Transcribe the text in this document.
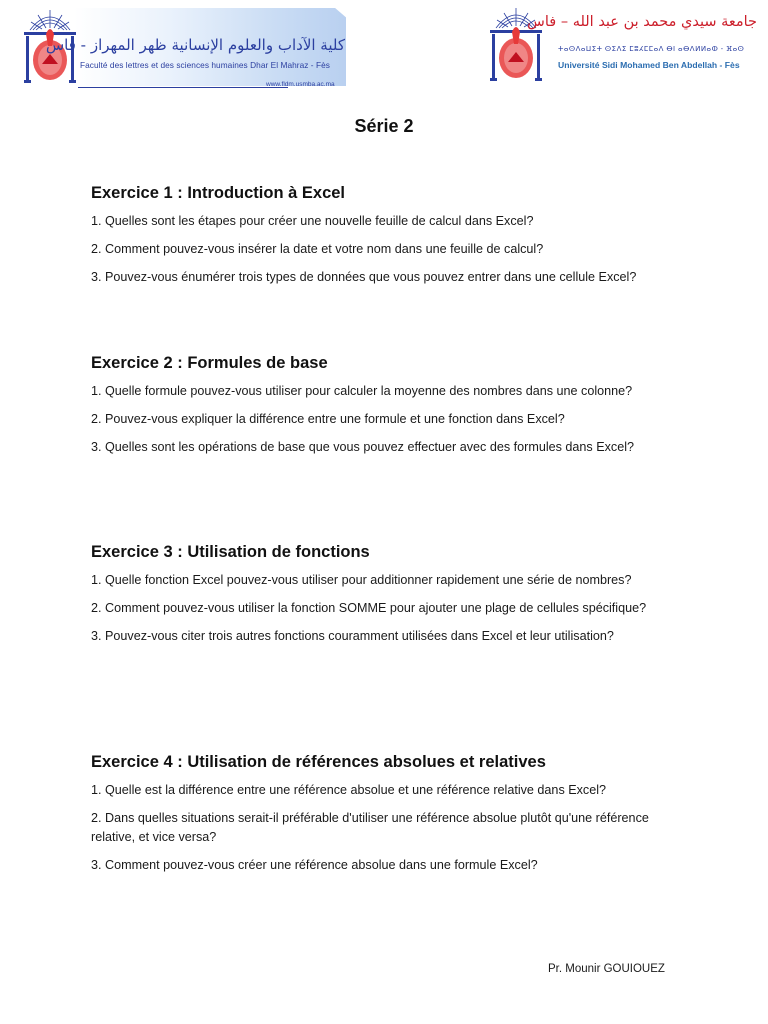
كلية الآداب والعلوم الإنسانية ظهر المهراز - فاس
Faculté des lettres et des sciences humaines Dhar El Mahraz - Fès
www.fldm.usmba.ac.ma
جامعة سيدي محمد بن عبد الله – فاس
ⵜⴰⵙⴷⴰⵡⵉⵜ ⵙⵉⴷⵉ ⵎⵓⵃⵎⵎⴰⴷ ⴱⵏ ⴰⴱⴷⵍⵍⴰⵀ - ⴼⴰⵙ
Université Sidi Mohamed Ben Abdellah - Fès
Série 2
Exercice 1 : Introduction à Excel

1. Quelles sont les étapes pour créer une nouvelle feuille de calcul dans Excel?

2. Comment pouvez-vous insérer la date et votre nom dans une feuille de calcul?

3. Pouvez-vous énumérer trois types de données que vous pouvez entrer dans une cellule Excel?

Exercice 2 : Formules de base

1. Quelle formule pouvez-vous utiliser pour calculer la moyenne des nombres dans une colonne?

2. Pouvez-vous expliquer la différence entre une formule et une fonction dans Excel?

3. Quelles sont les opérations de base que vous pouvez effectuer avec des formules dans Excel?

Exercice 3 : Utilisation de fonctions

1. Quelle fonction Excel pouvez-vous utiliser pour additionner rapidement une série de nombres?

2. Comment pouvez-vous utiliser la fonction SOMME pour ajouter une plage de cellules spécifique?

3. Pouvez-vous citer trois autres fonctions couramment utilisées dans Excel et leur utilisation?

Exercice 4 : Utilisation de références absolues et relatives

1. Quelle est la différence entre une référence absolue et une référence relative dans Excel?

2. Dans quelles situations serait-il préférable d'utiliser une référence absolue plutôt qu'une référence relative, et vice versa?

3. Comment pouvez-vous créer une référence absolue dans une formule Excel?

Pr. Mounir GOUIOUEZ
